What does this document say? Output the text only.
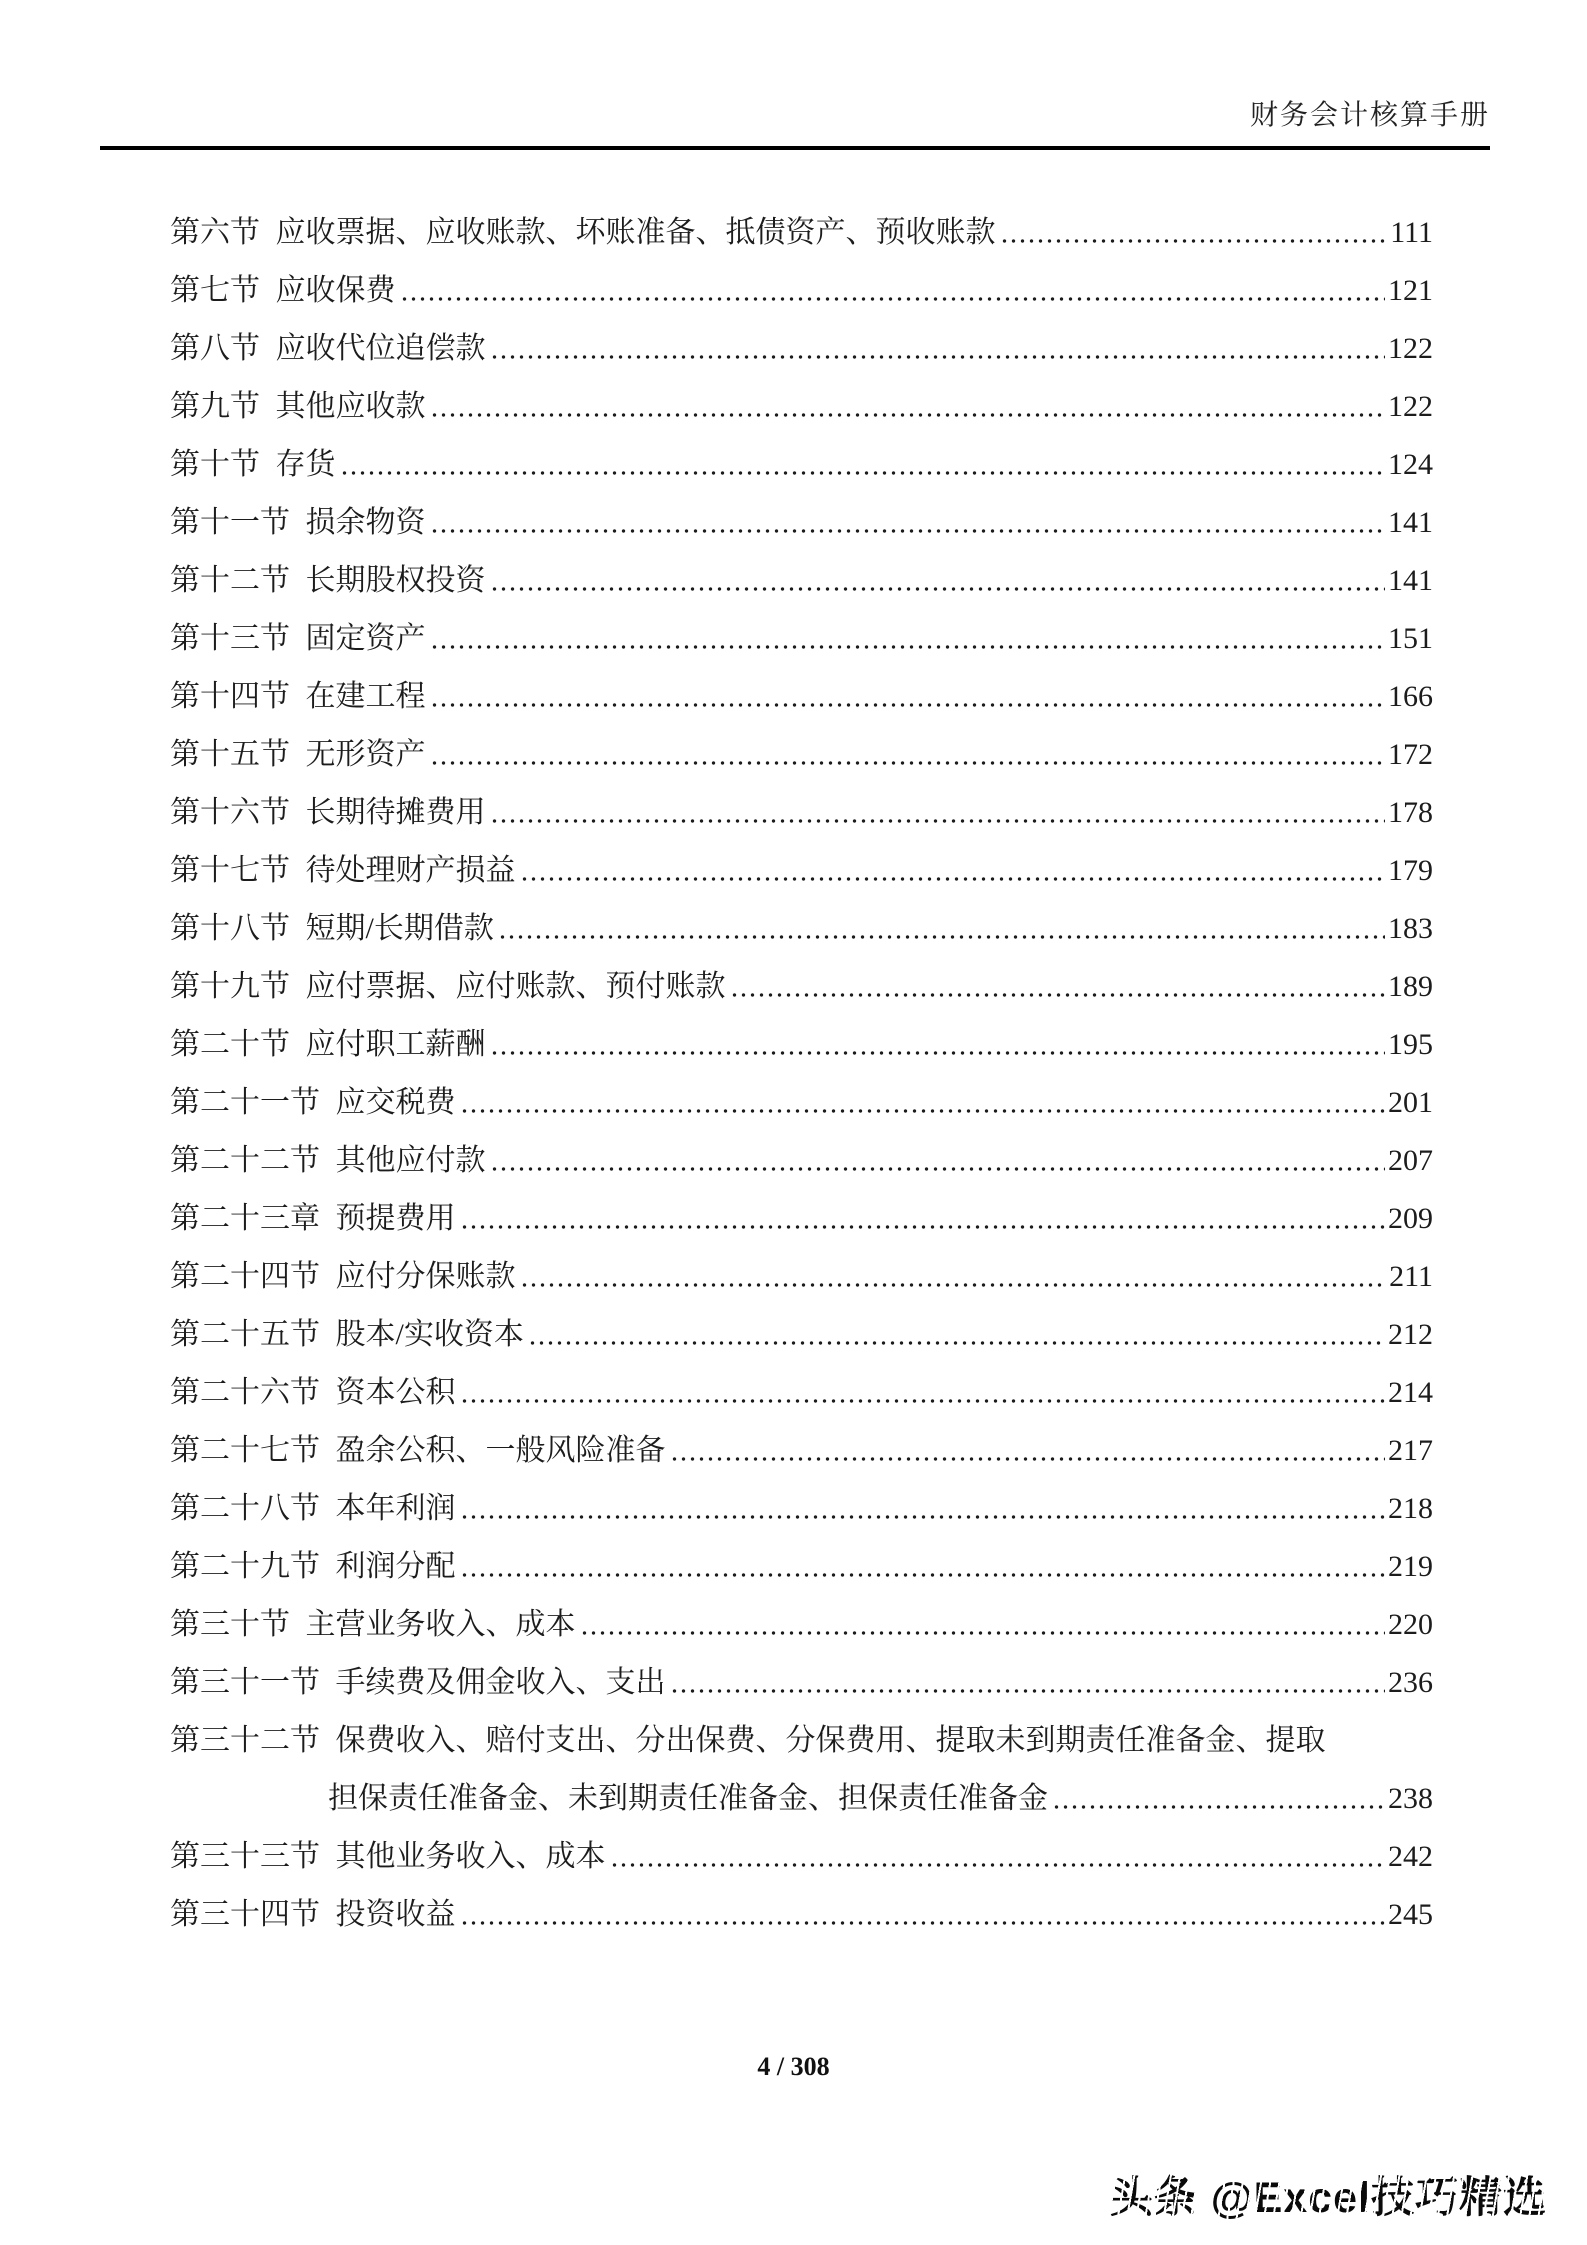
财务会计核算手册
第六节 应收票据、应收账款、坏账准备、抵债资产、预收账款	111
第七节 应收保费	121
第八节 应收代位追偿款	122
第九节 其他应收款	122
第十节 存货	124
第十一节 损余物资	141
第十二节 长期股权投资	141
第十三节 固定资产	151
第十四节 在建工程	166
第十五节 无形资产	172
第十六节 长期待摊费用	178
第十七节 待处理财产损益	179
第十八节 短期/长期借款	183
第十九节 应付票据、应付账款、预付账款	189
第二十节 应付职工薪酬	195
第二十一节 应交税费	201
第二十二节 其他应付款	207
第二十三章 预提费用	209
第二十四节 应付分保账款	211
第二十五节 股本/实收资本	212
第二十六节 资本公积	214
第二十七节 盈余公积、一般风险准备	217
第二十八节 本年利润	218
第二十九节 利润分配	219
第三十节 主营业务收入、成本	220
第三十一节 手续费及佣金收入、支出	236
第三十二节 保费收入、赔付支出、分出保费、分保费用、提取未到期责任准备金、提取
担保责任准备金、未到期责任准备金、担保责任准备金	238
第三十三节 其他业务收入、成本	242
第三十四节 投资收益	245
4 / 308
头条 @Excel技巧精选
